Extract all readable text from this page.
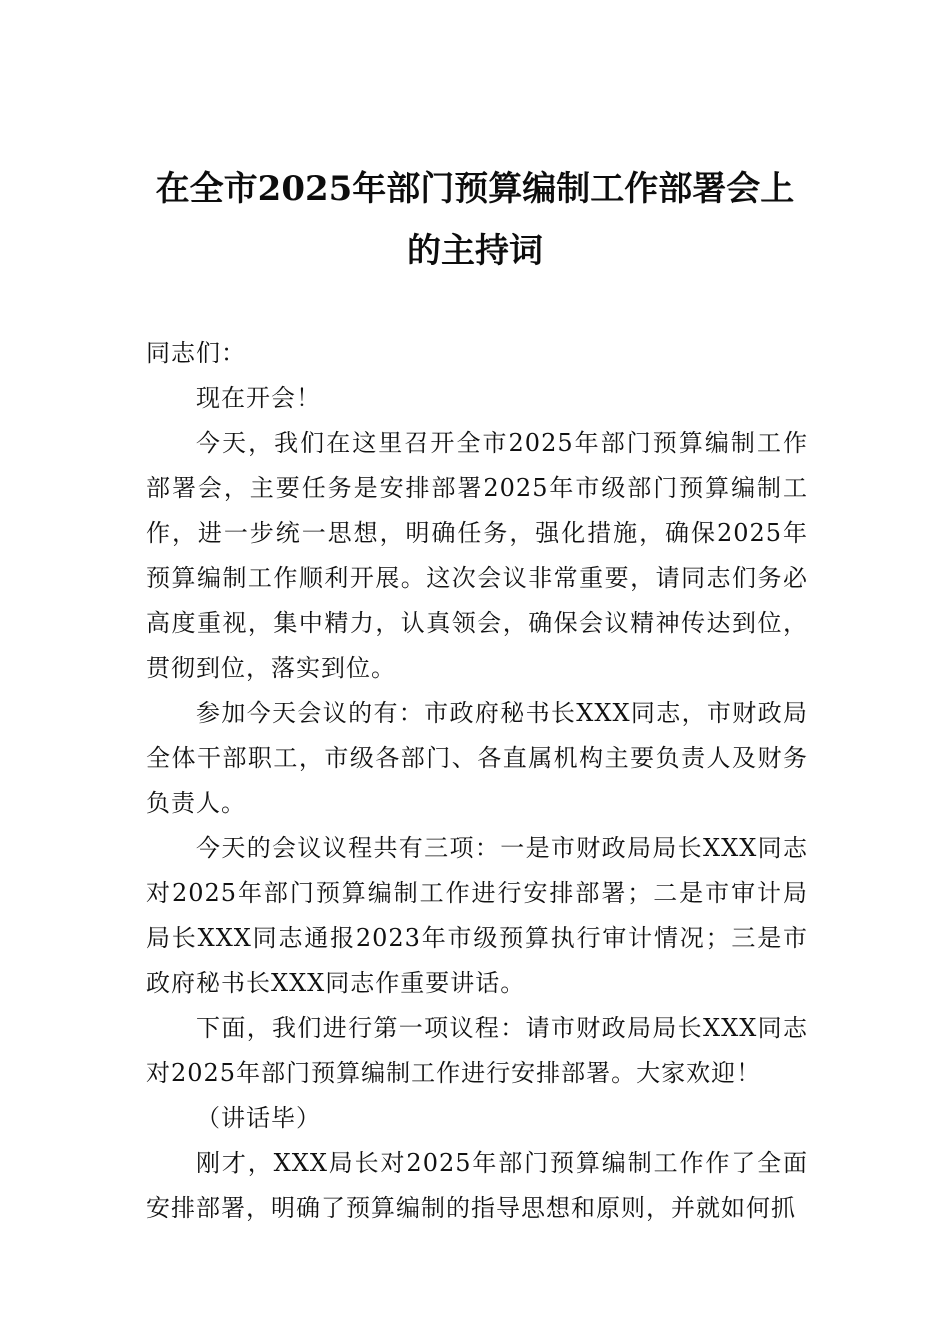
在全市2025年部门预算编制工作部署会上
的主持词

同志们：

现在开会！

今天，我们在这里召开全市2025年部门预算编制工作部署会，主要任务是安排部署2025年市级部门预算编制工作，进一步统一思想，明确任务，强化措施，确保2025年预算编制工作顺利开展。这次会议非常重要，请同志们务必高度重视，集中精力，认真领会，确保会议精神传达到位，贯彻到位，落实到位。

参加今天会议的有：市政府秘书长XXX同志，市财政局全体干部职工，市级各部门、各直属机构主要负责人及财务负责人。

今天的会议议程共有三项：一是市财政局局长XXX同志对2025年部门预算编制工作进行安排部署；二是市审计局局长XXX同志通报2023年市级预算执行审计情况；三是市政府秘书长XXX同志作重要讲话。

下面，我们进行第一项议程：请市财政局局长XXX同志对2025年部门预算编制工作进行安排部署。大家欢迎！

（讲话毕）

刚才，XXX局长对2025年部门预算编制工作作了全面安排部署，明确了预算编制的指导思想和原则，并就如何抓
